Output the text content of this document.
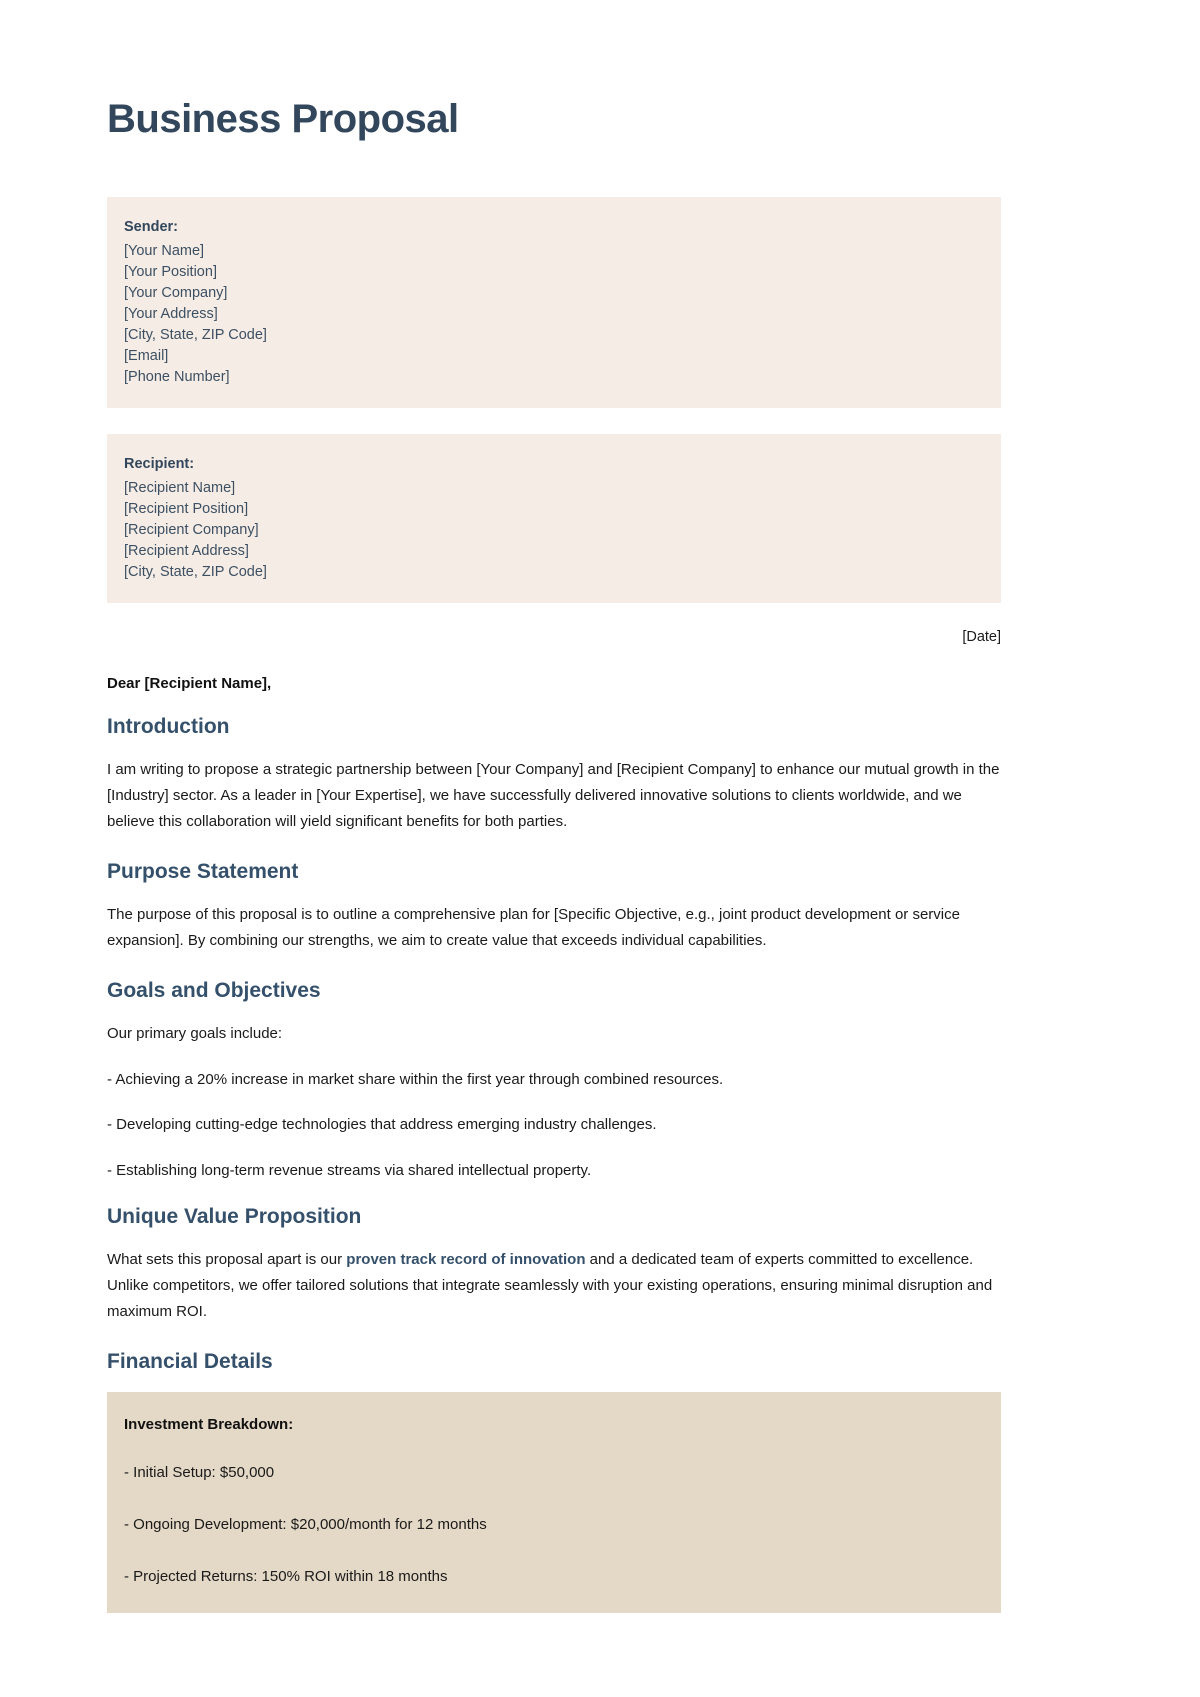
Business Proposal
Sender:
[Your Name]
[Your Position]
[Your Company]
[Your Address]
[City, State, ZIP Code]
[Email]
[Phone Number]
Recipient:
[Recipient Name]
[Recipient Position]
[Recipient Company]
[Recipient Address]
[City, State, ZIP Code]
[Date]
Dear [Recipient Name],
Introduction

I am writing to propose a strategic partnership between [Your Company] and [Recipient Company] to enhance our mutual growth in the [Industry] sector. As a leader in [Your Expertise], we have successfully delivered innovative solutions to clients worldwide, and we believe this collaboration will yield significant benefits for both parties.

Purpose Statement

The purpose of this proposal is to outline a comprehensive plan for [Specific Objective, e.g., joint product development or service expansion]. By combining our strengths, we aim to create value that exceeds individual capabilities.

Goals and Objectives

Our primary goals include:

- Achieving a 20% increase in market share within the first year through combined resources.

- Developing cutting-edge technologies that address emerging industry challenges.

- Establishing long-term revenue streams via shared intellectual property.

Unique Value Proposition

What sets this proposal apart is our proven track record of innovation and a dedicated team of experts committed to excellence. Unlike competitors, we offer tailored solutions that integrate seamlessly with your existing operations, ensuring minimal disruption and maximum ROI.

Financial Details
Investment Breakdown:
- Initial Setup: $50,000
- Ongoing Development: $20,000/month for 12 months
- Projected Returns: 150% ROI within 18 months
